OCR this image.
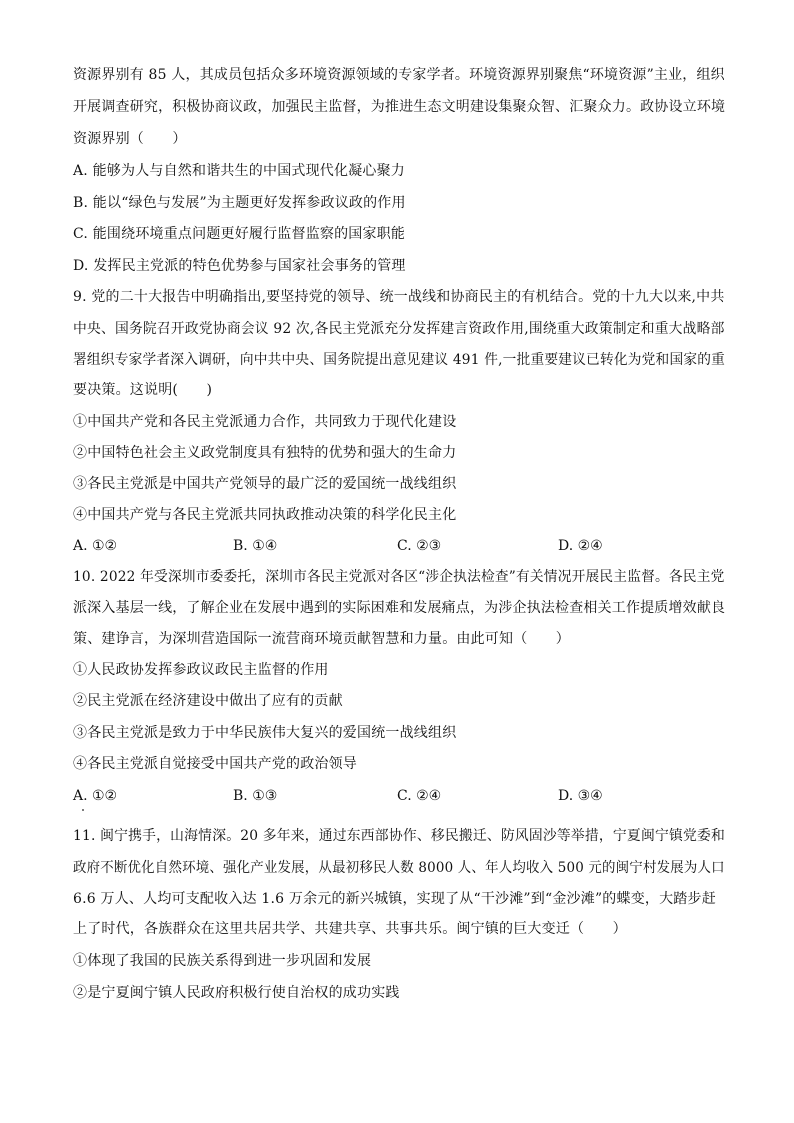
资源界别有 85 人，其成员包括众多环境资源领域的专家学者。环境资源界别聚焦“环境资源”主业，组织
开展调查研究，积极协商议政，加强民主监督，为推进生态文明建设集聚众智、汇聚众力。政协设立环境
资源界别（　　）
A. 能够为人与自然和谐共生的中国式现代化凝心聚力
B. 能以“绿色与发展”为主题更好发挥参政议政的作用
C. 能围绕环境重点问题更好履行监督监察的国家职能
D. 发挥民主党派的特色优势参与国家社会事务的管理
9. 党的二十大报告中明确指出,要坚持党的领导、统一战线和协商民主的有机结合。党的十九大以来,中共
中央、国务院召开政党协商会议 92 次,各民主党派充分发挥建言资政作用,围绕重大政策制定和重大战略部
署组织专家学者深入调研，向中共中央、国务院提出意见建议 491 件,一批重要建议已转化为党和国家的重
要决策。这说明(　　)
①中国共产党和各民主党派通力合作，共同致力于现代化建设
②中国特色社会主义政党制度具有独特的优势和强大的生命力
③各民主党派是中国共产党领导的最广泛的爱国统一战线组织
④中国共产党与各民主党派共同执政推动决策的科学化民主化
A. ①②	B. ①④	C. ②③	D. ②④
10. 2022 年受深圳市委委托，深圳市各民主党派对各区“涉企执法检查”有关情况开展民主监督。各民主党
派深入基层一线，了解企业在发展中遇到的实际困难和发展痛点，为涉企执法检查相关工作提质增效献良
策、建诤言，为深圳营造国际一流营商环境贡献智慧和力量。由此可知（　　）
①人民政协发挥参政议政民主监督的作用
②民主党派在经济建设中做出了应有的贡献
③各民主党派是致力于中华民族伟大复兴的爱国统一战线组织
④各民主党派自觉接受中国共产党的政治领导
A. ①②	B. ①③	C. ②④	D. ③④
11. 闽宁携手，山海情深。20 多年来，通过东西部协作、移民搬迁、防风固沙等举措，宁夏闽宁镇党委和
政府不断优化自然环境、强化产业发展，从最初移民人数 8000 人、年人均收入 500 元的闽宁村发展为人口
6.6 万人、人均可支配收入达 1.6 万余元的新兴城镇，实现了从“干沙滩”到“金沙滩”的蝶变，大踏步赶
上了时代，各族群众在这里共居共学、共建共享、共事共乐。闽宁镇的巨大变迁（　　）
①体现了我国的民族关系得到进一步巩固和发展
②是宁夏闽宁镇人民政府积极行使自治权的成功实践
